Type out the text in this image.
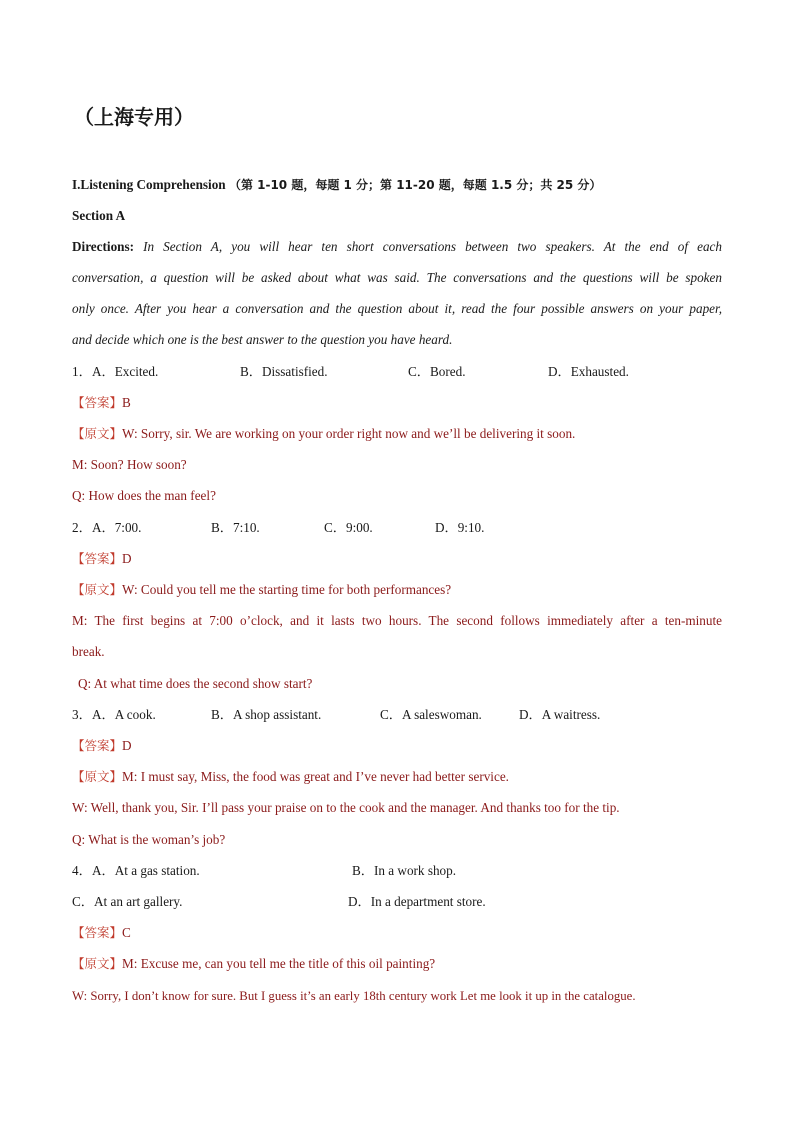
（上海专用）
I.Listening Comprehension （第 1-10 题，每题 1 分；第 11-20 题，每题 1.5 分；共 25 分）
Section A
Directions: In Section A, you will hear ten short conversations between two speakers. At the end of each
conversation, a question will be asked about what was said. The conversations and the questions will be spoken
only once. After you hear a conversation and the question about it, read the four possible answers on your paper,
and decide which one is the best answer to the question you have heard.
1． A．Excited.	B．Dissatisfied.	C．Bored.	D．Exhausted.
【答案】B
【原文】W: Sorry, sir. We are working on your order right now and we’ll be delivering it soon.
M: Soon? How soon?
Q: How does the man feel?
2． A．7:00.	B．7:10.	C．9:00.	D．9:10.
【答案】D
【原文】W: Could you tell me the starting time for both performances?
M: The first begins at 7:00 o’clock, and it lasts two hours. The second follows immediately after a ten-minute
break.
Q: At what time does the second show start?
3． A．A cook.	B．A shop assistant.	C．A saleswoman.	D．A waitress.
【答案】D
【原文】M: I must say, Miss, the food was great and I’ve never had better service.
W: Well, thank you, Sir. I’ll pass your praise on to the cook and the manager. And thanks too for the tip.
Q: What is the woman’s job?
4． A．At a gas station.	B．In a work shop.
C．At an art gallery.	D．In a department store.
【答案】C
【原文】M: Excuse me, can you tell me the title of this oil painting?
W: Sorry, I don’t know for sure. But I guess it’s an early 18th century work Let me look it up in the catalogue.
